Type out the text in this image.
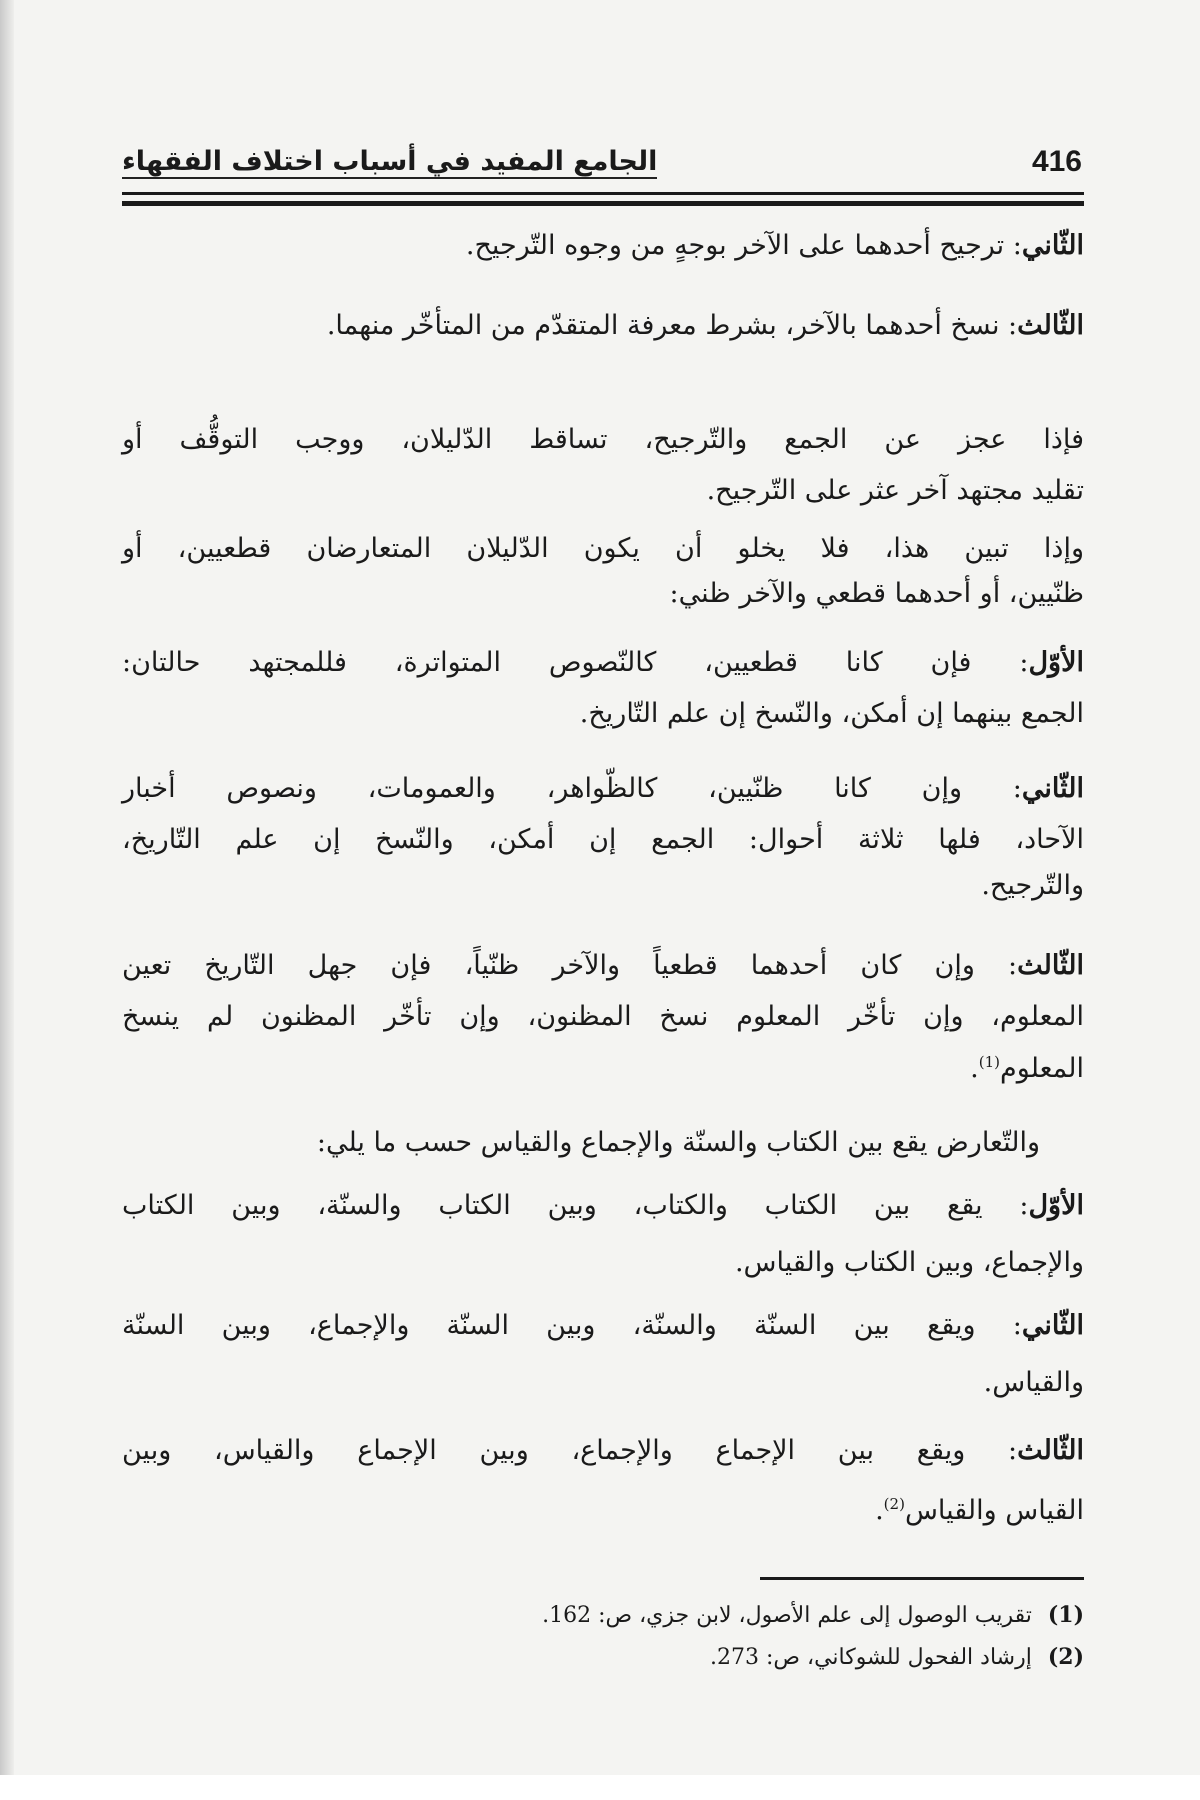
416
الجامع المفيد في أسباب اختلاف الفقهاء
الثّاني: ترجيح أحدهما على الآخر بوجهٍ من وجوه التّرجيح.
الثّالث: نسخ أحدهما بالآخر، بشرط معرفة المتقدّم من المتأخّر منهما.
فإذا عجز عن الجمع والتّرجيح، تساقط الدّليلان، ووجب التوقُّف أو
تقليد مجتهد آخر عثر على التّرجيح.
وإذا تبين هذا، فلا يخلو أن يكون الدّليلان المتعارضان قطعيين، أو
ظنّيين، أو أحدهما قطعي والآخر ظني:
الأوّل: فإن كانا قطعيين، كالنّصوص المتواترة، فللمجتهد حالتان:
الجمع بينهما إن أمكن، والنّسخ إن علم التّاريخ.
الثّاني: وإن كانا ظنّيين، كالظّواهر، والعمومات، ونصوص أخبار
الآحاد، فلها ثلاثة أحوال: الجمع إن أمكن، والنّسخ إن علم التّاريخ،
والتّرجيح.
الثّالث: وإن كان أحدهما قطعياً والآخر ظنّياً، فإن جهل التّاريخ تعين
المعلوم، وإن تأخّر المعلوم نسخ المظنون، وإن تأخّر المظنون لم ينسخ
المعلوم$^{(1)}$.
والتّعارض يقع بين الكتاب والسنّة والإجماع والقياس حسب ما يلي:
الأوّل: يقع بين الكتاب والكتاب، وبين الكتاب والسنّة، وبين الكتاب
والإجماع، وبين الكتاب والقياس.
الثّاني: ويقع بين السنّة والسنّة، وبين السنّة والإجماع، وبين السنّة
والقياس.
الثّالث: ويقع بين الإجماع والإجماع، وبين الإجماع والقياس، وبين
القياس والقياس$^{(2)}$.
(1)تقريب الوصول إلى علم الأصول، لابن جزي، ص: 162.
(2)إرشاد الفحول للشوكاني، ص: 273.
